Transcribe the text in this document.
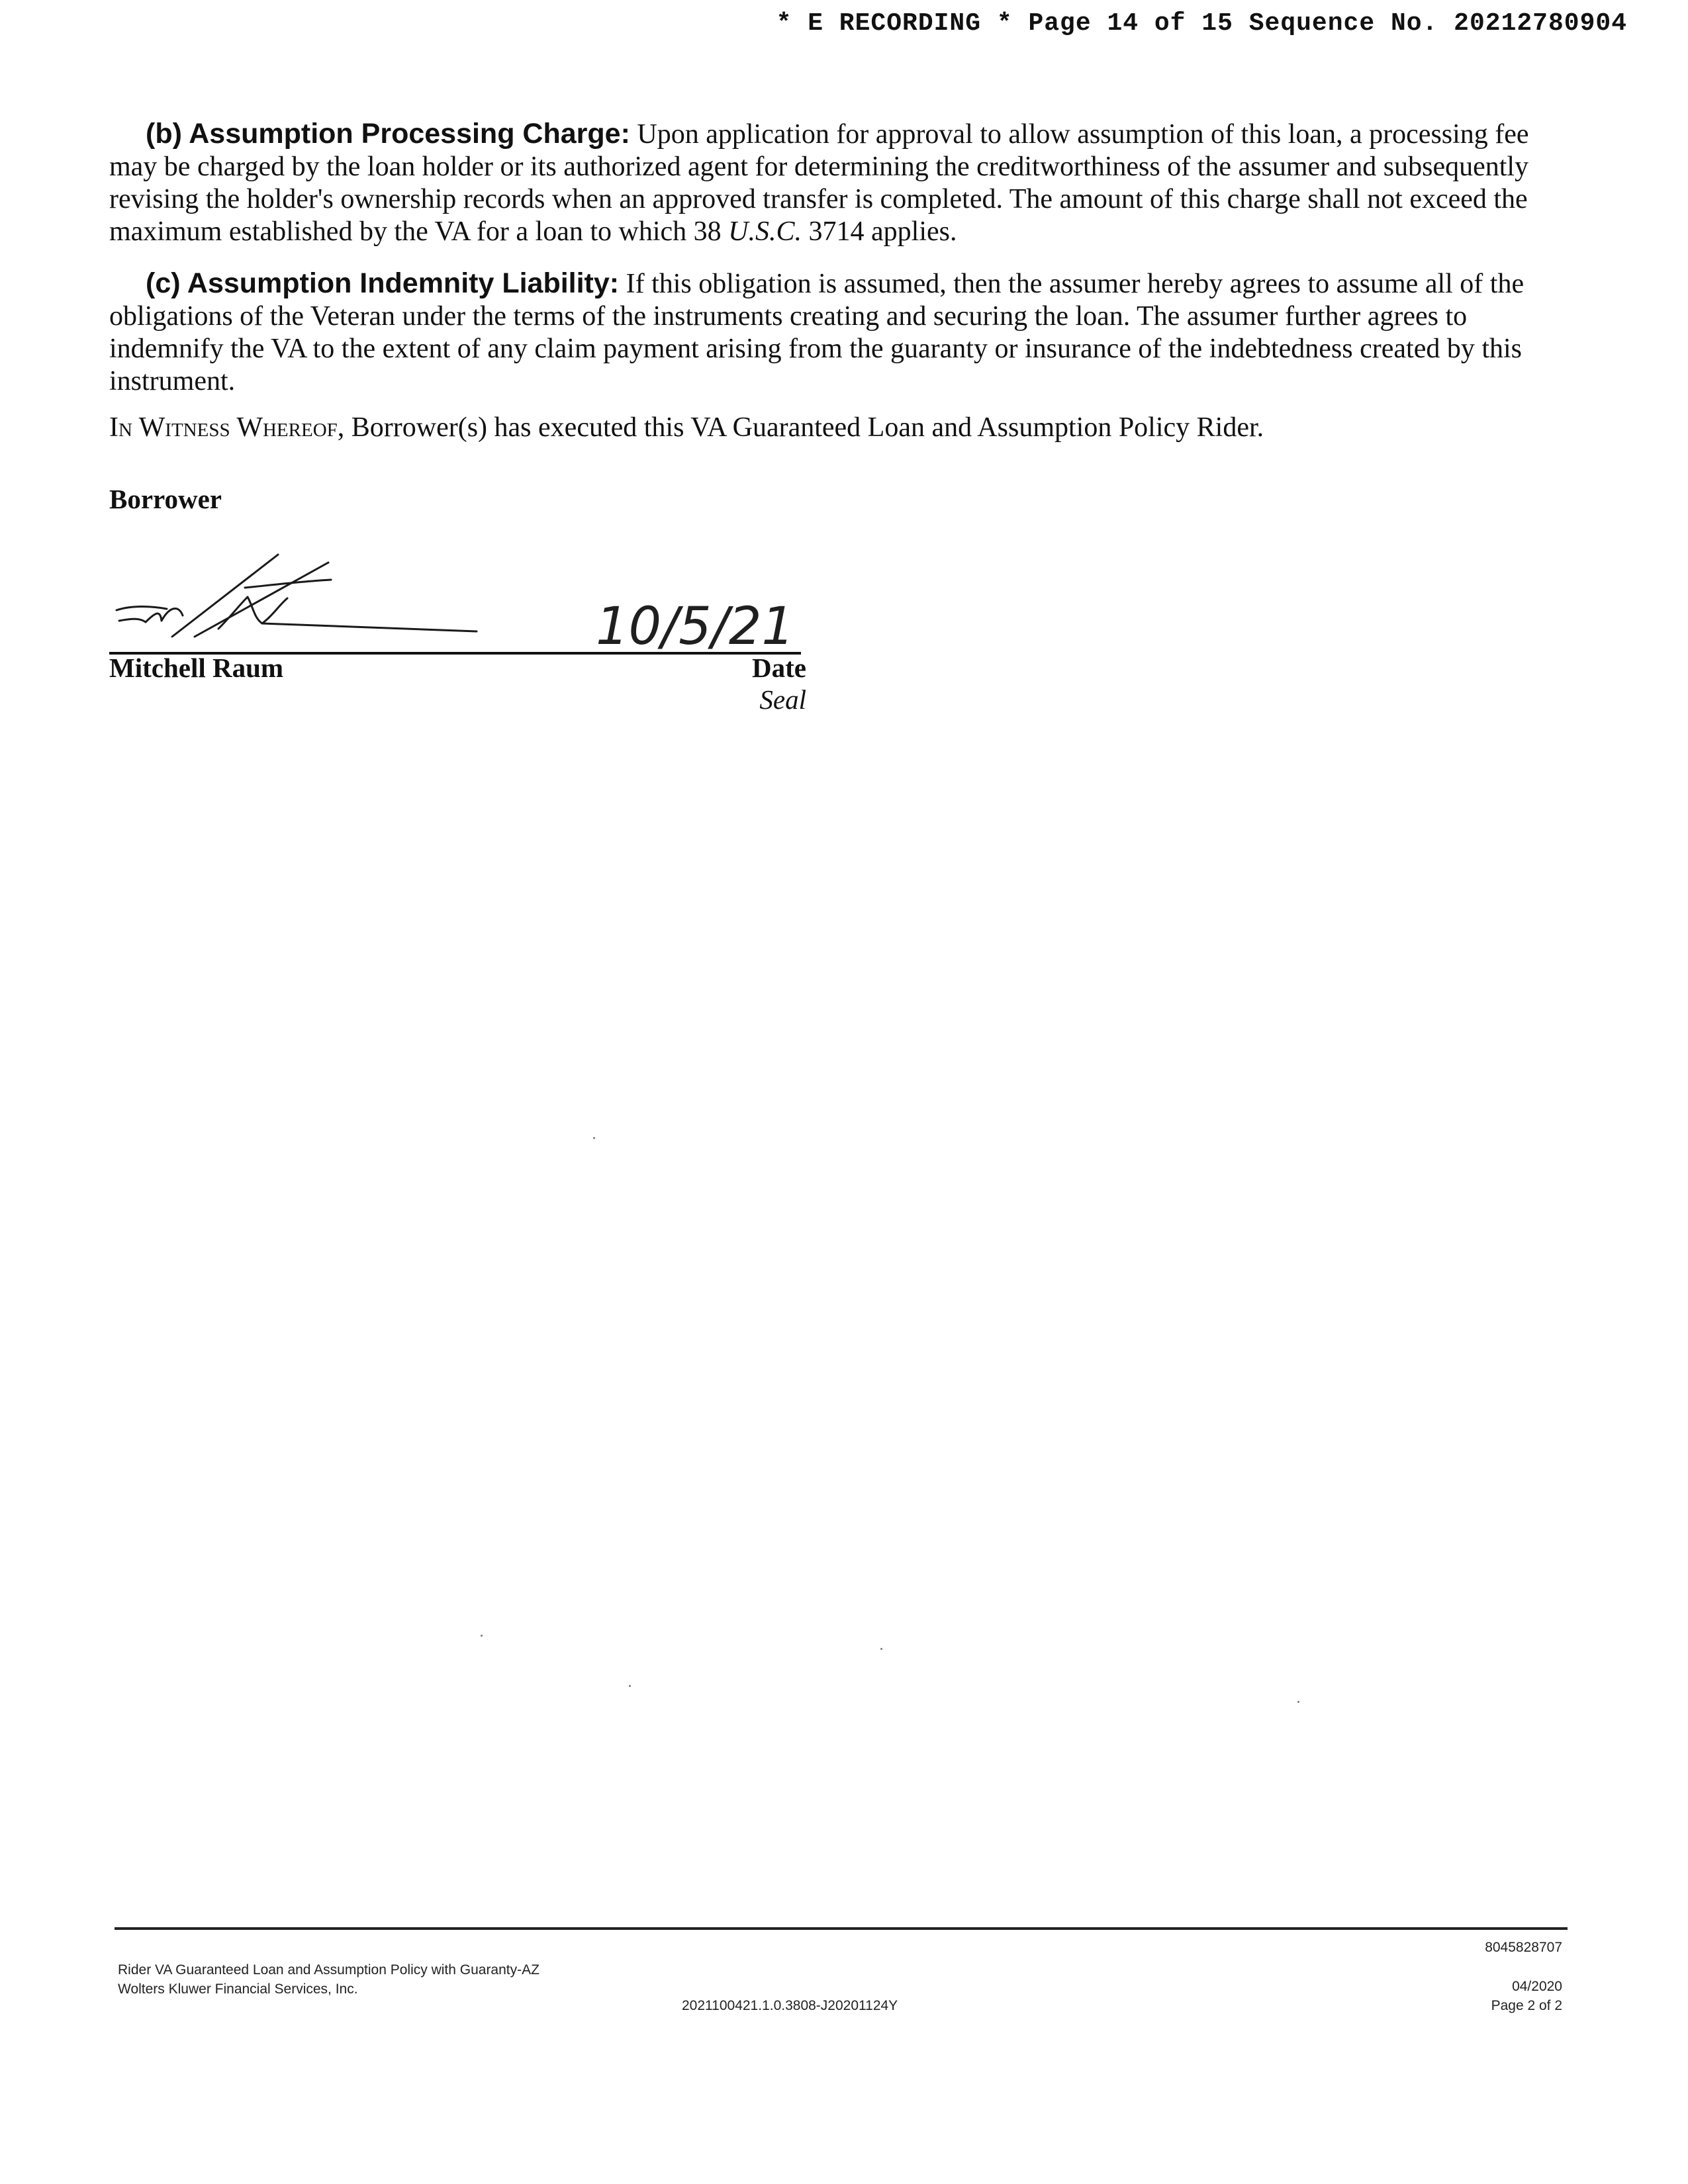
* E RECORDING * Page 14 of 15 Sequence No. 20212780904
(b) Assumption Processing Charge: Upon application for approval to allow assumption of this loan, a processing fee may be charged by the loan holder or its authorized agent for determining the creditworthiness of the assumer and subsequently revising the holder's ownership records when an approved transfer is completed. The amount of this charge shall not exceed the maximum established by the VA for a loan to which 38 U.S.C. 3714 applies.
(c) Assumption Indemnity Liability: If this obligation is assumed, then the assumer hereby agrees to assume all of the obligations of the Veteran under the terms of the instruments creating and securing the loan. The assumer further agrees to indemnify the VA to the extent of any claim payment arising from the guaranty or insurance of the indebtedness created by this instrument.
In Witness Whereof, Borrower(s) has executed this VA Guaranteed Loan and Assumption Policy Rider.
Borrower
10/5/21
Mitchell Raum	Date
Seal
Rider VA Guaranteed Loan and Assumption Policy with Guaranty-AZ
Wolters Kluwer Financial Services, Inc.
2021100421.1.0.3808-J20201124Y
8045828707
04/2020
Page 2 of 2
